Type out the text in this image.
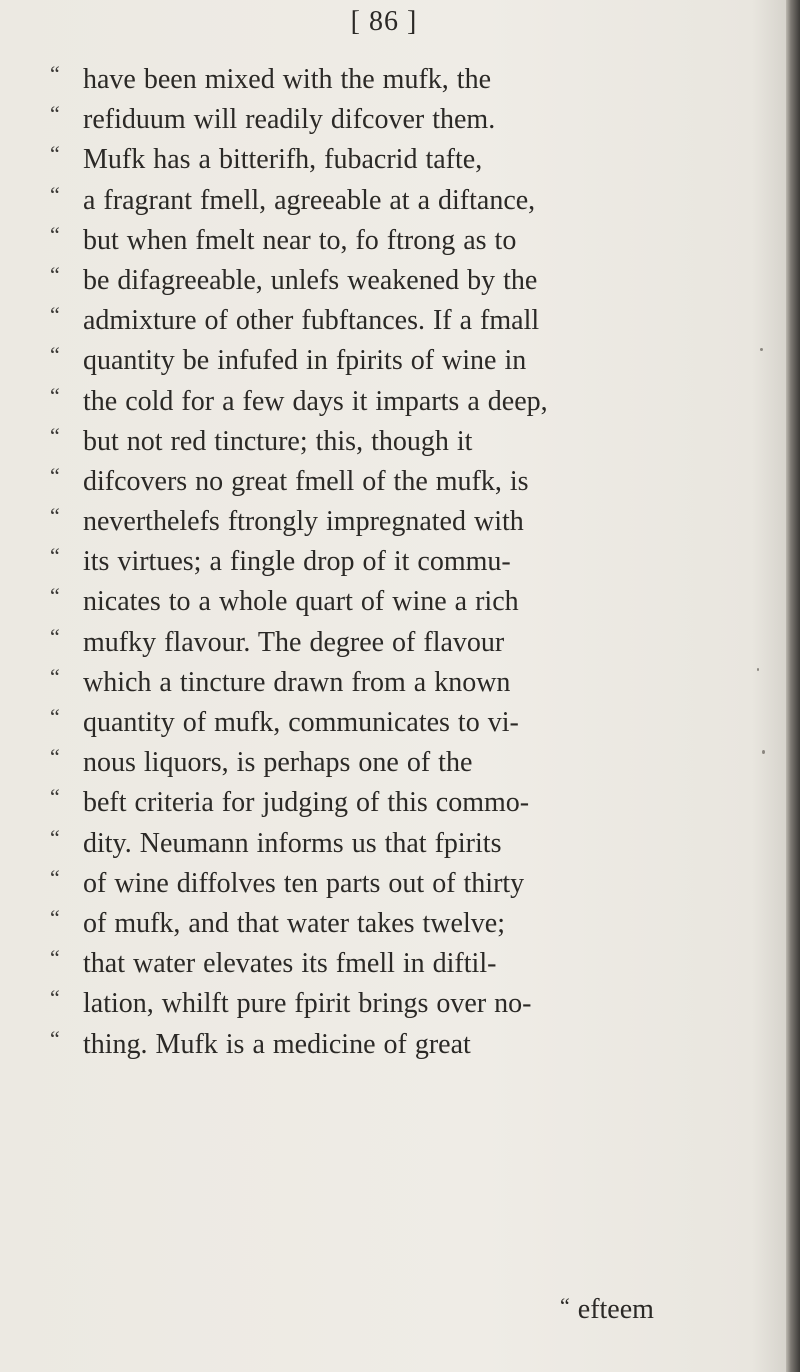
[ 86 ]
“ have been mixed with the mufk, the
“ refiduum will readily difcover them.
“ Mufk has a bitterifh, fubacrid tafte,
“ a fragrant fmell, agreeable at a diftance,
“ but when fmelt near to, fo ftrong as to
“ be difagreeable, unlefs weakened by the
“ admixture of other fubftances. If a fmall
“ quantity be infufed in fpirits of wine in
“ the cold for a few days it imparts a deep,
“ but not red tincture; this, though it
“ difcovers no great fmell of the mufk, is
“ neverthelefs ftrongly impregnated with
“ its virtues; a fingle drop of it commu-
“ nicates to a whole quart of wine a rich
“ mufky flavour. The degree of flavour
“ which a tincture drawn from a known
“ quantity of mufk, communicates to vi-
“ nous liquors, is perhaps one of the
“ beft criteria for judging of this commo-
“ dity. Neumann informs us that fpirits
“ of wine diffolves ten parts out of thirty
“ of mufk, and that water takes twelve;
“ that water elevates its fmell in diftil-
“ lation, whilft pure fpirit brings over no-
“ thing. Mufk is a medicine of great
“ efteem
